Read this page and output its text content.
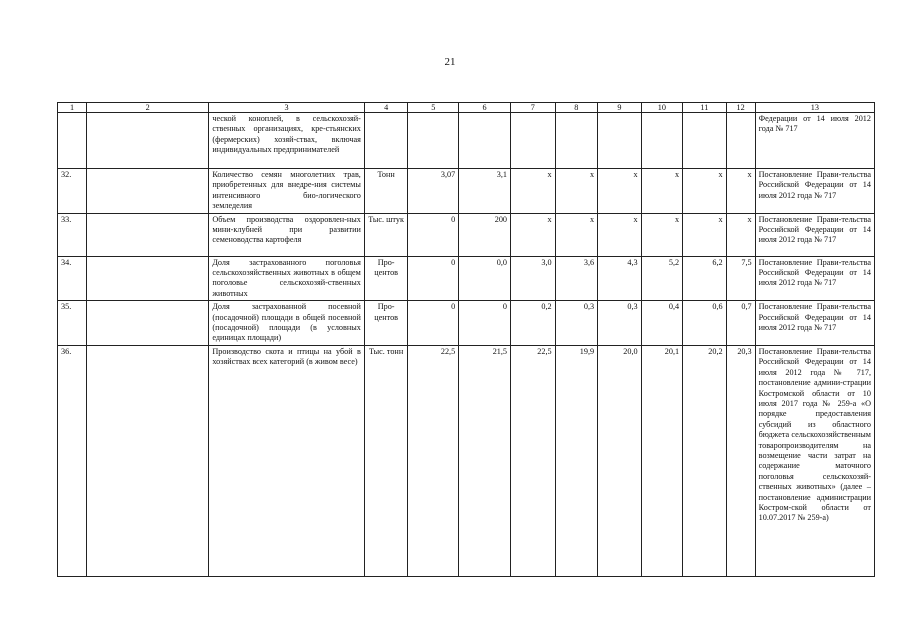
21
1	2	3	4	5	6	7	8	9	10	11	12	13
		ческой коноплей, в сельскохозяй-ственных организациях, кре-стьянских (фермерских) хозяй-ствах, включая индивидуальных предпринимателей										Федерации от 14 июля 2012 года № 717
32.		Количество семян многолетних трав, приобретенных для внедре-ния системы интенсивного био-логического земледелия	Тонн	3,07	3,1	х	х	х	х	х	х	Постановление Прави-тельства Российской Федерации от 14 июля 2012 года № 717
33.		Объем производства оздоровлен-ных мини-клубней при развитии семеноводства картофеля	Тыс. штук	0	200	х	х	х	х	х	х	Постановление Прави-тельства Российской Федерации от 14 июля 2012 года № 717
34.		Доля застрахованного поголовья сельскохозяйственных животных в общем поголовье сельскохозяй-ственных животных	Про-центов	0	0,0	3,0	3,6	4,3	5,2	6,2	7,5	Постановление Прави-тельства Российской Федерации от 14 июля 2012 года № 717
35.		Доля застрахованной посевной (посадочной) площади в общей посевной (посадочной) площади (в условных единицах площади)	Про-центов	0	0	0,2	0,3	0,3	0,4	0,6	0,7	Постановление Прави-тельства Российской Федерации от 14 июля 2012 года № 717
36.		Производство скота и птицы на убой в хозяйствах всех категорий (в живом весе)	Тыс. тонн	22,5	21,5	22,5	19,9	20,0	20,1	20,2	20,3	Постановление Прави-тельства Российской Федерации от 14 июля 2012 года № 717, постановление админи-страции Костромской области от 10 июля 2017 года № 259-а «О порядке предоставления субсидий из областного бюджета сельскохозяйственным товаропроизводителям на возмещение части затрат на содержание маточного поголовья сельскохозяй-ственных животных» (далее – постановление администрации Костром-ской области от 10.07.2017 № 259-а)
